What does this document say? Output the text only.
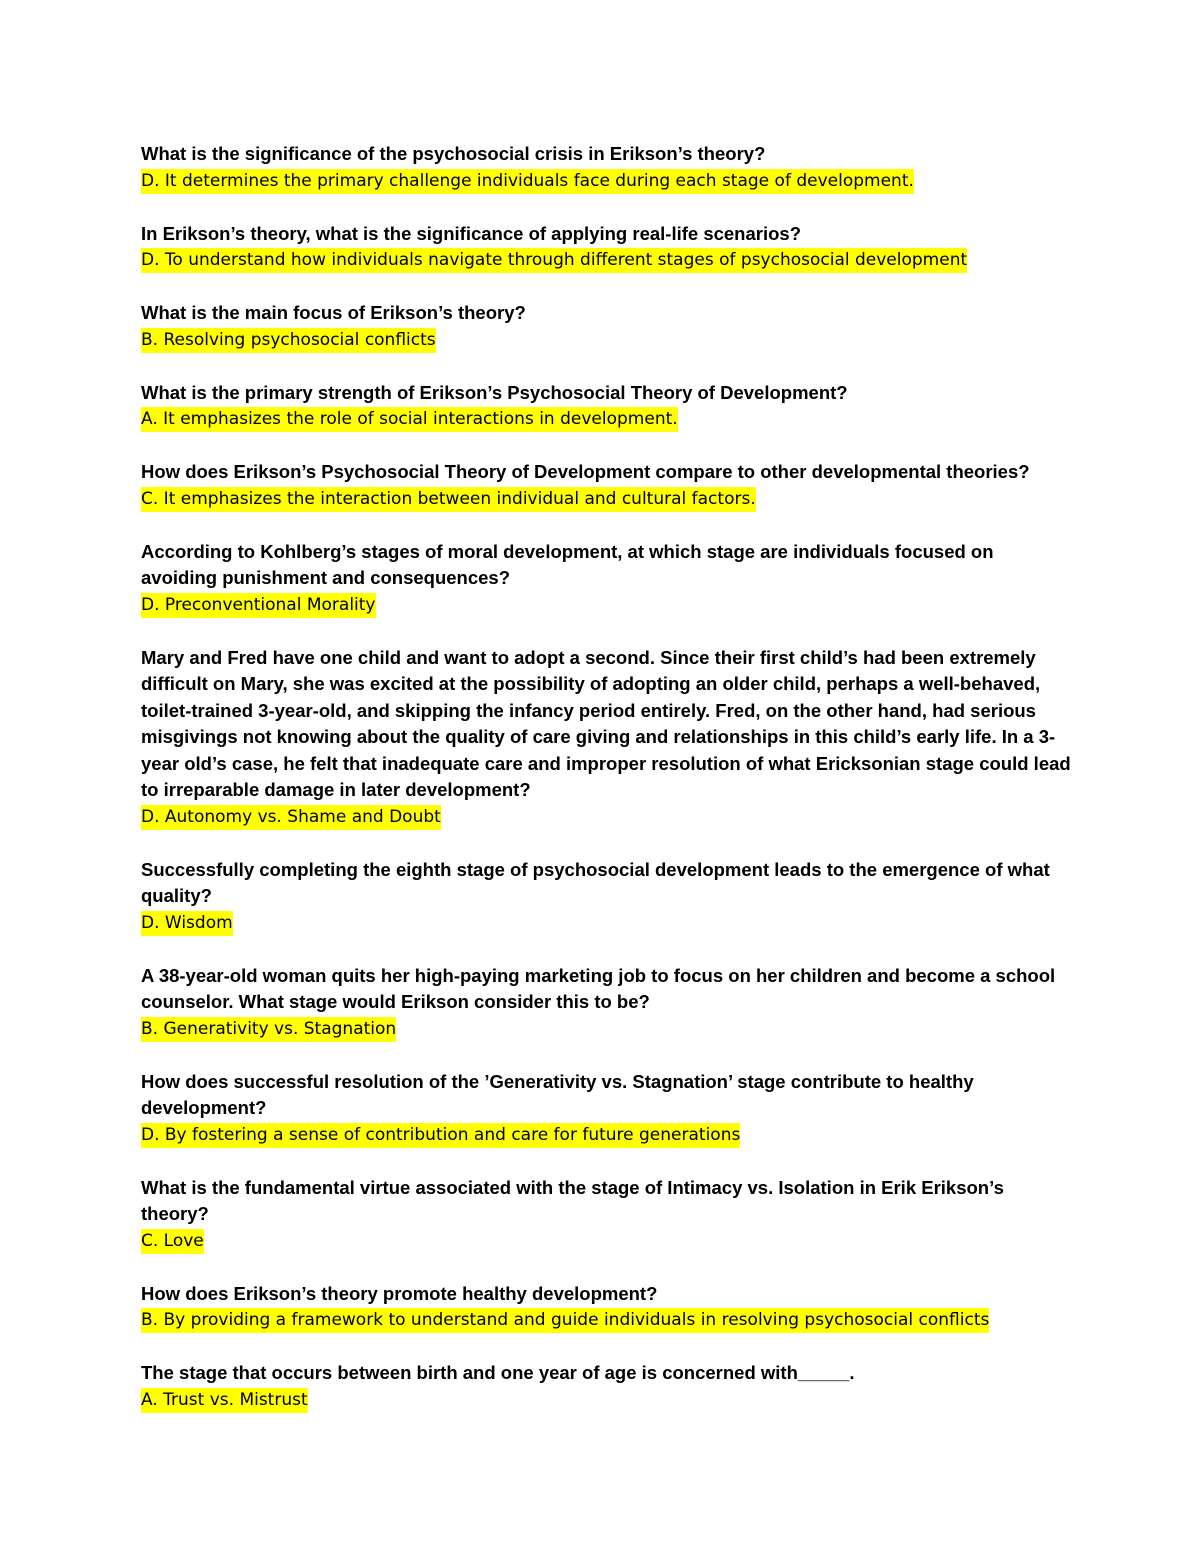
What is the significance of the psychosocial crisis in Erikson’s theory?

D. It determines the primary challenge individuals face during each stage of development.

In Erikson’s theory, what is the significance of applying real-life scenarios?

D. To understand how individuals navigate through different stages of psychosocial development

What is the main focus of Erikson’s theory?

B. Resolving psychosocial conflicts

What is the primary strength of Erikson’s Psychosocial Theory of Development?

A. It emphasizes the role of social interactions in development.

How does Erikson’s Psychosocial Theory of Development compare to other developmental theories?

C. It emphasizes the interaction between individual and cultural factors.

According to Kohlberg’s stages of moral development, at which stage are individuals focused on avoiding punishment and consequences?

D. Preconventional Morality

Mary and Fred have one child and want to adopt a second. Since their first child’s had been extremely difficult on Mary, she was excited at the possibility of adopting an older child, perhaps a well-behaved, toilet-trained 3-year-old, and skipping the infancy period entirely. Fred, on the other hand, had serious misgivings not knowing about the quality of care giving and relationships in this child’s early life. In a 3-year old’s case, he felt that inadequate care and improper resolution of what Ericksonian stage could lead to irreparable damage in later development?

D. Autonomy vs. Shame and Doubt

Successfully completing the eighth stage of psychosocial development leads to the emergence of what quality?

D. Wisdom

A 38-year-old woman quits her high-paying marketing job to focus on her children and become a school counselor. What stage would Erikson consider this to be?

B. Generativity vs. Stagnation

How does successful resolution of the ’Generativity vs. Stagnation’ stage contribute to healthy development?

D. By fostering a sense of contribution and care for future generations

What is the fundamental virtue associated with the stage of Intimacy vs. Isolation in Erik Erikson’s theory?

C. Love

How does Erikson’s theory promote healthy development?

B. By providing a framework to understand and guide individuals in resolving psychosocial conflicts

The stage that occurs between birth and one year of age is concerned with_____.

A. Trust vs. Mistrust
